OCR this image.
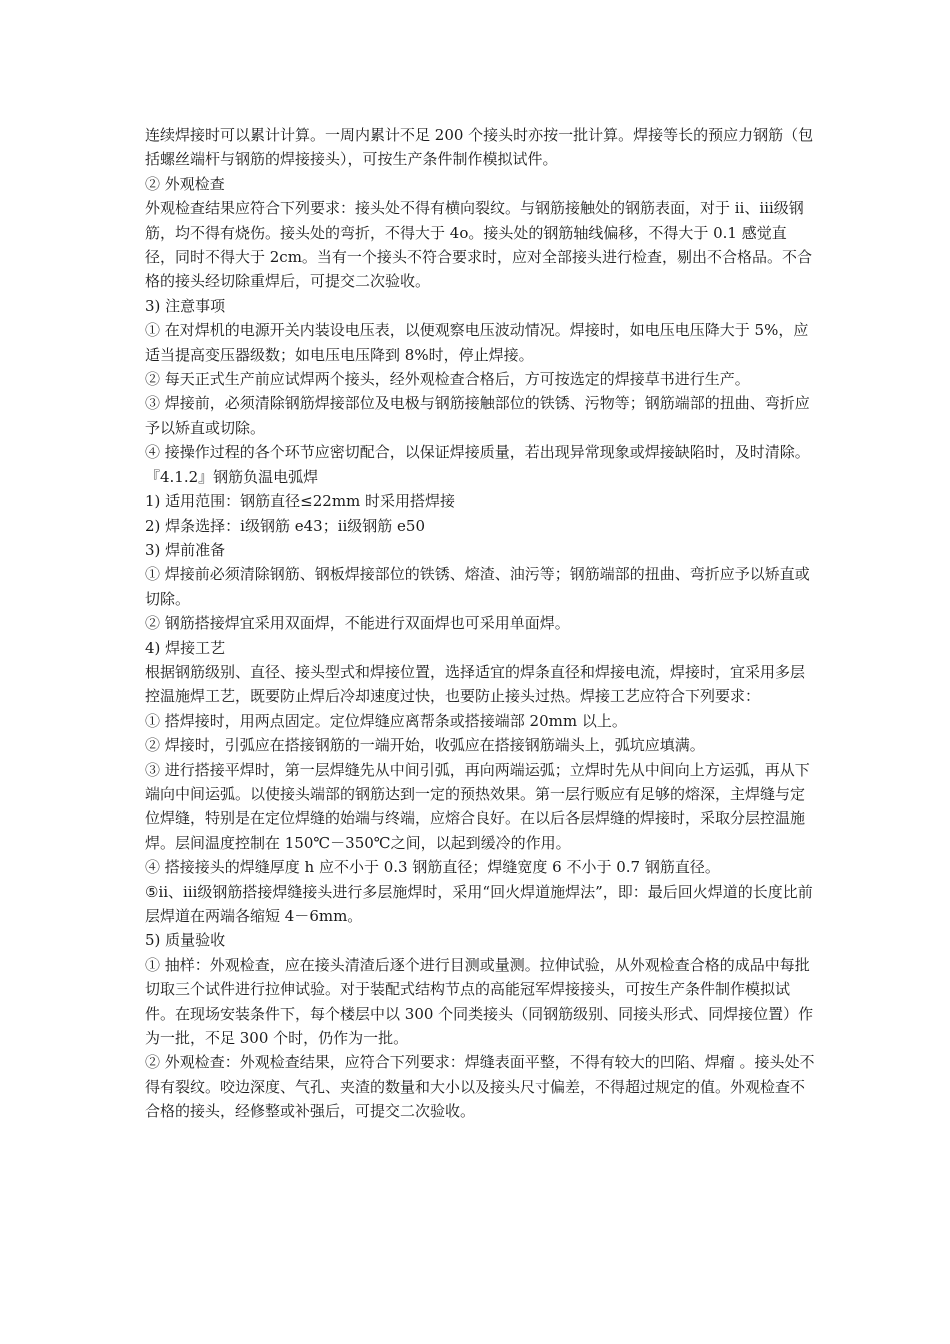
连续焊接时可以累计计算。一周内累计不足 200 个接头时亦按一批计算。焊接等长的预应力钢筋（包括螺丝端杆与钢筋的焊接接头），可按生产条件制作模拟试件。

② 外观检查

外观检查结果应符合下列要求：接头处不得有横向裂纹。与钢筋接触处的钢筋表面，对于 ⅱ、ⅲ级钢筋，均不得有烧伤。接头处的弯折，不得大于 4o。接头处的钢筋轴线偏移，不得大于 0.1 感觉直径，同时不得大于 2cm。当有一个接头不符合要求时，应对全部接头进行检查，剔出不合格品。不合格的接头经切除重焊后，可提交二次验收。

3) 注意事项

① 在对焊机的电源开关内装设电压表，以便观察电压波动情况。焊接时，如电压电压降大于 5%，应适当提高变压器级数；如电压电压降到 8%时，停止焊接。

② 每天正式生产前应试焊两个接头，经外观检查合格后，方可按选定的焊接草书进行生产。

③ 焊接前，必须清除钢筋焊接部位及电极与钢筋接触部位的铁锈、污物等；钢筋端部的扭曲、弯折应予以矫直或切除。

④ 接操作过程的各个环节应密切配合，以保证焊接质量，若出现异常现象或焊接缺陷时，及时清除。

『4.1.2』钢筋负温电弧焊

1) 适用范围：钢筋直径≤22mm 时采用搭焊接

2) 焊条选择：ⅰ级钢筋 e43；ⅱ级钢筋 e50

3) 焊前准备

① 焊接前必须清除钢筋、钢板焊接部位的铁锈、熔渣、油污等；钢筋端部的扭曲、弯折应予以矫直或切除。

② 钢筋搭接焊宜采用双面焊，不能进行双面焊也可采用单面焊。

4) 焊接工艺

根据钢筋级别、直径、接头型式和焊接位置，选择适宜的焊条直径和焊接电流，焊接时，宜采用多层控温施焊工艺，既要防止焊后冷却速度过快，也要防止接头过热。焊接工艺应符合下列要求：

① 搭焊接时，用两点固定。定位焊缝应离帮条或搭接端部 20mm 以上。

② 焊接时，引弧应在搭接钢筋的一端开始，收弧应在搭接钢筋端头上，弧坑应填满。

③ 进行搭接平焊时，第一层焊缝先从中间引弧，再向两端运弧；立焊时先从中间向上方运弧，再从下端向中间运弧。以使接头端部的钢筋达到一定的预热效果。第一层行贩应有足够的熔深，主焊缝与定位焊缝，特别是在定位焊缝的始端与终端，应熔合良好。在以后各层焊缝的焊接时，采取分层控温施焊。层间温度控制在 150℃－350℃之间，以起到缓冷的作用。

④ 搭接接头的焊缝厚度 h 应不小于 0.3 钢筋直径；焊缝宽度 6 不小于 0.7 钢筋直径。

⑤ⅱ、ⅲ级钢筋搭接焊缝接头进行多层施焊时，采用“回火焊道施焊法”，即：最后回火焊道的长度比前层焊道在两端各缩短 4－6mm。

5) 质量验收

① 抽样：外观检查，应在接头清渣后逐个进行目测或量测。拉伸试验，从外观检查合格的成品中每批切取三个试件进行拉伸试验。对于装配式结构节点的高能冠军焊接接头，可按生产条件制作模拟试件。在现场安装条件下，每个楼层中以 300 个同类接头（同钢筋级别、同接头形式、同焊接位置）作为一批，不足 300 个时，仍作为一批。

② 外观检查：外观检查结果，应符合下列要求：焊缝表面平整，不得有较大的凹陷、焊瘤 。接头处不得有裂纹。咬边深度、气孔、夹渣的数量和大小以及接头尺寸偏差，不得超过规定的值。外观检查不合格的接头，经修整或补强后，可提交二次验收。
